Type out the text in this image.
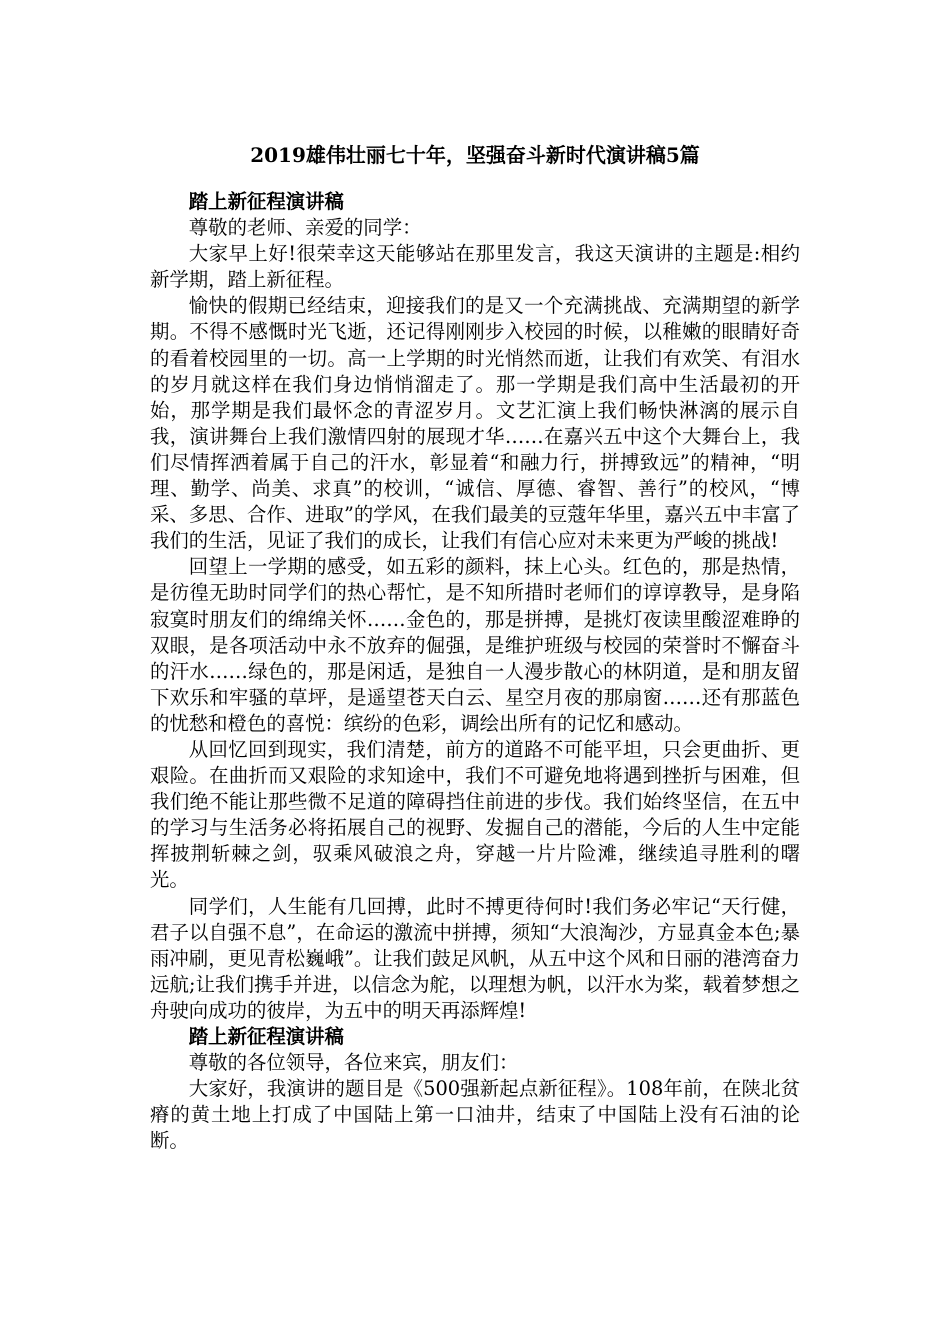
2019雄伟壮丽七十年，坚强奋斗新时代演讲稿5篇

踏上新征程演讲稿

尊敬的老师、亲爱的同学：

大家早上好!很荣幸这天能够站在那里发言，我这天演讲的主题是:相约新学期，踏上新征程。

愉快的假期已经结束，迎接我们的是又一个充满挑战、充满期望的新学期。不得不感慨时光飞逝，还记得刚刚步入校园的时候，以稚嫩的眼睛好奇的看着校园里的一切。高一上学期的时光悄然而逝，让我们有欢笑、有泪水的岁月就这样在我们身边悄悄溜走了。那一学期是我们高中生活最初的开始，那学期是我们最怀念的青涩岁月。文艺汇演上我们畅快淋漓的展示自我，演讲舞台上我们激情四射的展现才华……在嘉兴五中这个大舞台上，我们尽情挥洒着属于自己的汗水，彰显着“和融力行，拼搏致远”的精神，“明理、勤学、尚美、求真”的校训，“诚信、厚德、睿智、善行”的校风，“博采、多思、合作、进取”的学风，在我们最美的豆蔻年华里，嘉兴五中丰富了我们的生活，见证了我们的成长，让我们有信心应对未来更为严峻的挑战!

回望上一学期的感受，如五彩的颜料，抹上心头。红色的，那是热情，是彷徨无助时同学们的热心帮忙，是不知所措时老师们的谆谆教导，是身陷寂寞时朋友们的绵绵关怀……金色的，那是拼搏，是挑灯夜读里酸涩难睁的双眼，是各项活动中永不放弃的倔强，是维护班级与校园的荣誉时不懈奋斗的汗水……绿色的，那是闲适，是独自一人漫步散心的林阴道，是和朋友留下欢乐和牢骚的草坪，是遥望苍天白云、星空月夜的那扇窗……还有那蓝色的忧愁和橙色的喜悦：缤纷的色彩，调绘出所有的记忆和感动。

从回忆回到现实，我们清楚，前方的道路不可能平坦，只会更曲折、更艰险。在曲折而又艰险的求知途中，我们不可避免地将遇到挫折与困难，但我们绝不能让那些微不足道的障碍挡住前进的步伐。我们始终坚信，在五中的学习与生活务必将拓展自己的视野、发掘自己的潜能，今后的人生中定能挥披荆斩棘之剑，驭乘风破浪之舟，穿越一片片险滩，继续追寻胜利的曙光。

同学们，人生能有几回搏，此时不搏更待何时!我们务必牢记“天行健，君子以自强不息”，在命运的激流中拼搏，须知“大浪淘沙，方显真金本色;暴雨冲刷，更见青松巍峨”。让我们鼓足风帆，从五中这个风和日丽的港湾奋力远航;让我们携手并进，以信念为舵，以理想为帆，以汗水为桨，载着梦想之舟驶向成功的彼岸，为五中的明天再添辉煌!

踏上新征程演讲稿

尊敬的各位领导，各位来宾，朋友们：

大家好，我演讲的题目是《500强新起点新征程》。108年前，在陕北贫瘠的黄土地上打成了中国陆上第一口油井，结束了中国陆上没有石油的论断。
